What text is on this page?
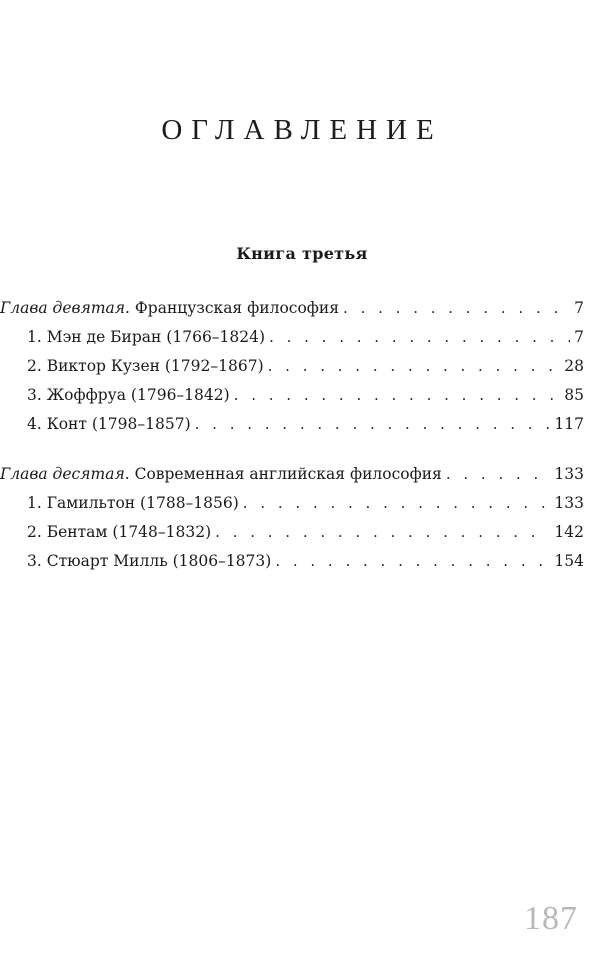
ОГЛАВЛЕНИЕ
Книга третья
Глава девятая. Французская философия . . .	7
1. Мэн де Биран (1766–1824) . . .	7
2. Виктор Кузен (1792–1867) . . .	28
3. Жоффруа (1796–1842) . . .	85
4. Конт (1798–1857) . . .	117
Глава десятая. Современная английская философия . . .	133
1. Гамильтон (1788–1856) . . .	133
2. Бентам (1748–1832) . . .	142
3. Стюарт Милль (1806–1873) . . .	154
187
